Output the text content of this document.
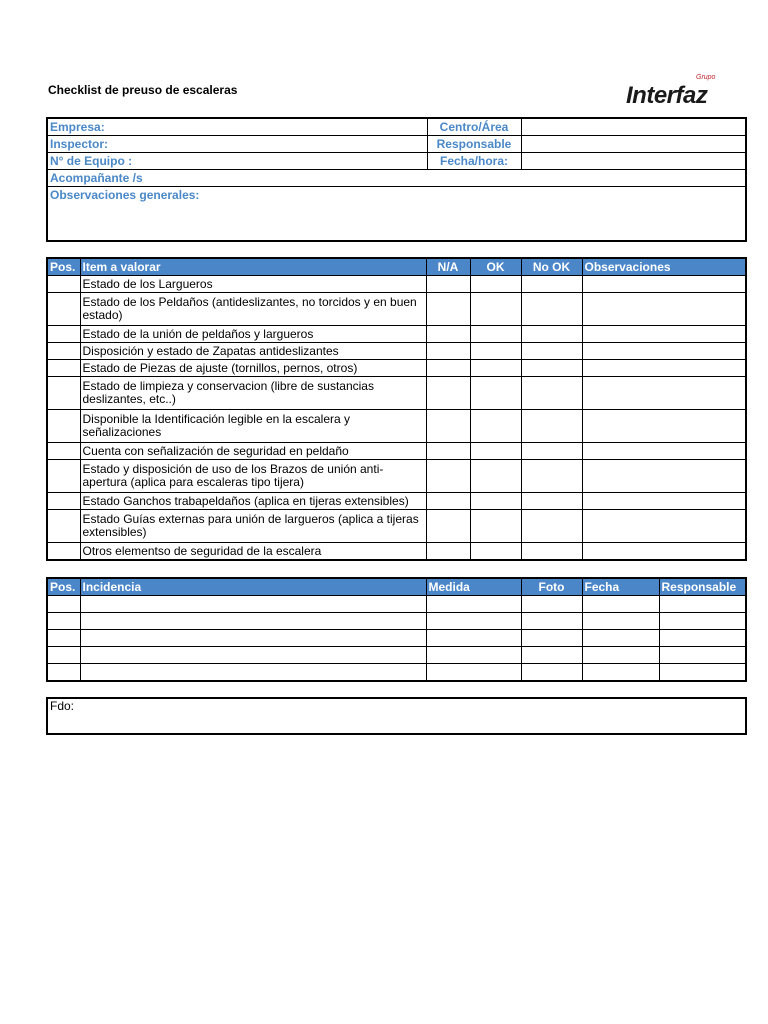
Checklist de preuso de escaleras
Grupo
Interfaz
Empresa:	Centro/Área	
Inspector:	Responsable	
N° de Equipo :	Fecha/hora:	
Acompañante /s		
Observaciones generales:		
Pos.	Item a valorar	N/A	OK	No OK	Observaciones
	Estado de los Largueros				
	Estado de los Peldaños (antideslizantes, no torcidos y en buen estado)				
	Estado de la unión de peldaños y largueros				
	Disposición y estado de Zapatas antideslizantes				
	Estado de Piezas de ajuste (tornillos, pernos, otros)				
	Estado de limpieza y conservacion (libre de sustancias deslizantes, etc..)				
	Disponible la Identificación legible en la escalera y señalizaciones				
	Cuenta con señalización de seguridad en peldaño				
	Estado y disposición de uso de los Brazos de unión anti-apertura (aplica para escaleras tipo tijera)				
	Estado Ganchos trabapeldaños (aplica en tijeras extensibles)				
	Estado Guías externas para unión de largueros (aplica a tijeras extensibles)				
	Otros elementso de seguridad de la escalera				
Pos.	Incidencia	Medida	Foto	Fecha	Responsable

Fdo:
